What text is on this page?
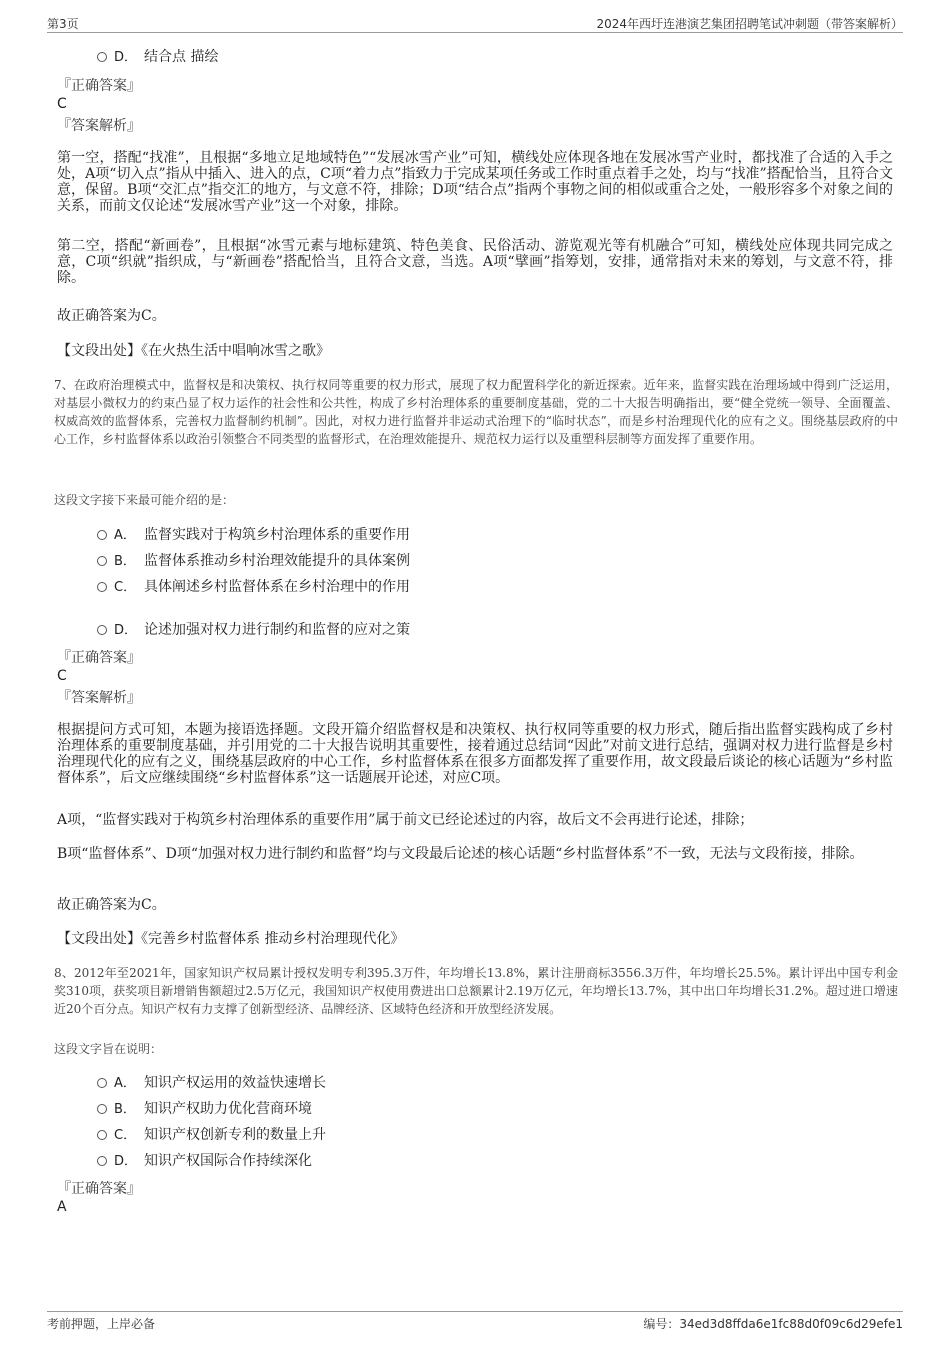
第3页	2024年西圩连港演艺集团招聘笔试冲刺题（带答案解析）
D． 结合点 描绘
『正确答案』
C
『答案解析』
第一空，搭配“找准”，且根据“多地立足地域特色”“发展冰雪产业”可知，横线处应体现各地在发展冰雪产业时，都找准了合适的入手之处，A项“切入点”指从中插入、进入的点，C项“着力点”指致力于完成某项任务或工作时重点着手之处，均与“找准”搭配恰当，且符合文意，保留。B项“交汇点”指交汇的地方，与文意不符，排除；D项“结合点”指两个事物之间的相似或重合之处，一般形容多个对象之间的关系，而前文仅论述“发展冰雪产业”这一个对象，排除。
第二空，搭配“新画卷”，且根据“冰雪元素与地标建筑、特色美食、民俗活动、游览观光等有机融合”可知，横线处应体现共同完成之意，C项“织就”指织成，与“新画卷”搭配恰当，且符合文意，当选。A项“擘画”指筹划，安排，通常指对未来的筹划，与文意不符，排除。
故正确答案为C。
【文段出处】《在火热生活中唱响冰雪之歌》
7、在政府治理模式中，监督权是和决策权、执行权同等重要的权力形式，展现了权力配置科学化的新近探索。近年来，监督实践在治理场域中得到广泛运用，对基层小微权力的约束凸显了权力运作的社会性和公共性，构成了乡村治理体系的重要制度基础，党的二十大报告明确指出，要“健全党统一领导、全面覆盖、权威高效的监督体系，完善权力监督制约机制”。因此，对权力进行监督并非运动式治理下的“临时状态”，而是乡村治理现代化的应有之义。围绕基层政府的中心工作，乡村监督体系以政治引领整合不同类型的监督形式，在治理效能提升、规范权力运行以及重塑科层制等方面发挥了重要作用。
这段文字接下来最可能介绍的是：
A． 监督实践对于构筑乡村治理体系的重要作用
B． 监督体系推动乡村治理效能提升的具体案例
C． 具体阐述乡村监督体系在乡村治理中的作用
D． 论述加强对权力进行制约和监督的应对之策
『正确答案』
C
『答案解析』
根据提问方式可知，本题为接语选择题。文段开篇介绍监督权是和决策权、执行权同等重要的权力形式，随后指出监督实践构成了乡村治理体系的重要制度基础，并引用党的二十大报告说明其重要性，接着通过总结词“因此”对前文进行总结，强调对权力进行监督是乡村治理现代化的应有之义，围绕基层政府的中心工作，乡村监督体系在很多方面都发挥了重要作用，故文段最后谈论的核心话题为“乡村监督体系”，后文应继续围绕“乡村监督体系”这一话题展开论述，对应C项。
A项，“监督实践对于构筑乡村治理体系的重要作用”属于前文已经论述过的内容，故后文不会再进行论述，排除；
B项“监督体系”、D项“加强对权力进行制约和监督”均与文段最后论述的核心话题“乡村监督体系”不一致，无法与文段衔接，排除。
故正确答案为C。
【文段出处】《完善乡村监督体系 推动乡村治理现代化》
8、2012年至2021年，国家知识产权局累计授权发明专利395.3万件，年均增长13.8%，累计注册商标3556.3万件，年均增长25.5%。累计评出中国专利金奖310项，获奖项目新增销售额超过2.5万亿元，我国知识产权使用费进出口总额累计2.19万亿元，年均增长13.7%，其中出口年均增长31.2%。超过进口增速近20个百分点。知识产权有力支撑了创新型经济、品牌经济、区域特色经济和开放型经济发展。
这段文字旨在说明：
A． 知识产权运用的效益快速增长
B． 知识产权助力优化营商环境
C． 知识产权创新专利的数量上升
D． 知识产权国际合作持续深化
『正确答案』
A
考前押题，上岸必备	编号：34ed3d8ffda6e1fc88d0f09c6d29efe1
